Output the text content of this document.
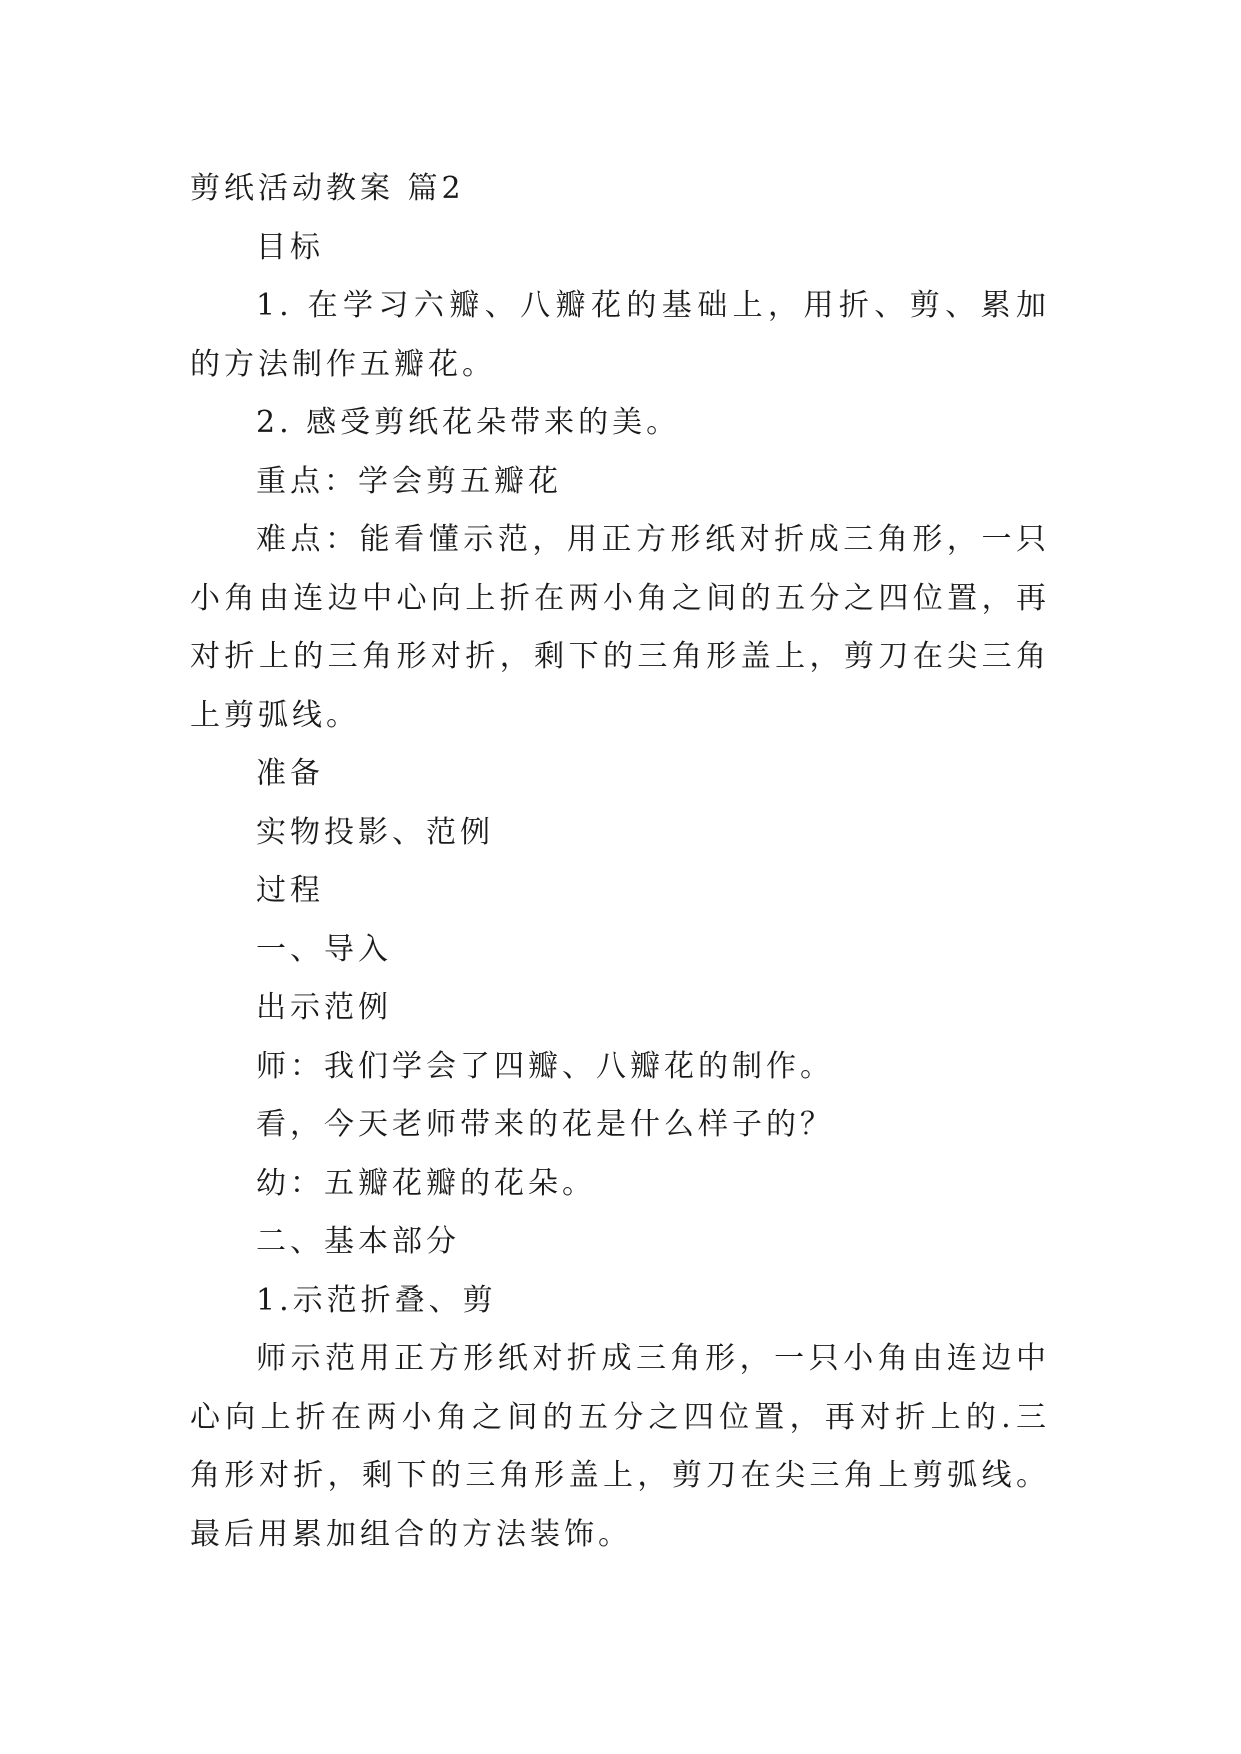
剪纸活动教案 篇2

目标

1. 在学习六瓣、八瓣花的基础上，用折、剪、累加的方法制作五瓣花。

2. 感受剪纸花朵带来的美。

重点：学会剪五瓣花

难点：能看懂示范，用正方形纸对折成三角形，一只小角由连边中心向上折在两小角之间的五分之四位置，再对折上的三角形对折，剩下的三角形盖上，剪刀在尖三角上剪弧线。

准备

实物投影、范例

过程

一、导入

出示范例

师：我们学会了四瓣、八瓣花的制作。

看，今天老师带来的花是什么样子的？

幼：五瓣花瓣的花朵。

二、基本部分

1.示范折叠、剪

师示范用正方形纸对折成三角形，一只小角由连边中心向上折在两小角之间的五分之四位置，再对折上的.三角形对折，剩下的三角形盖上，剪刀在尖三角上剪弧线。最后用累加组合的方法装饰。
